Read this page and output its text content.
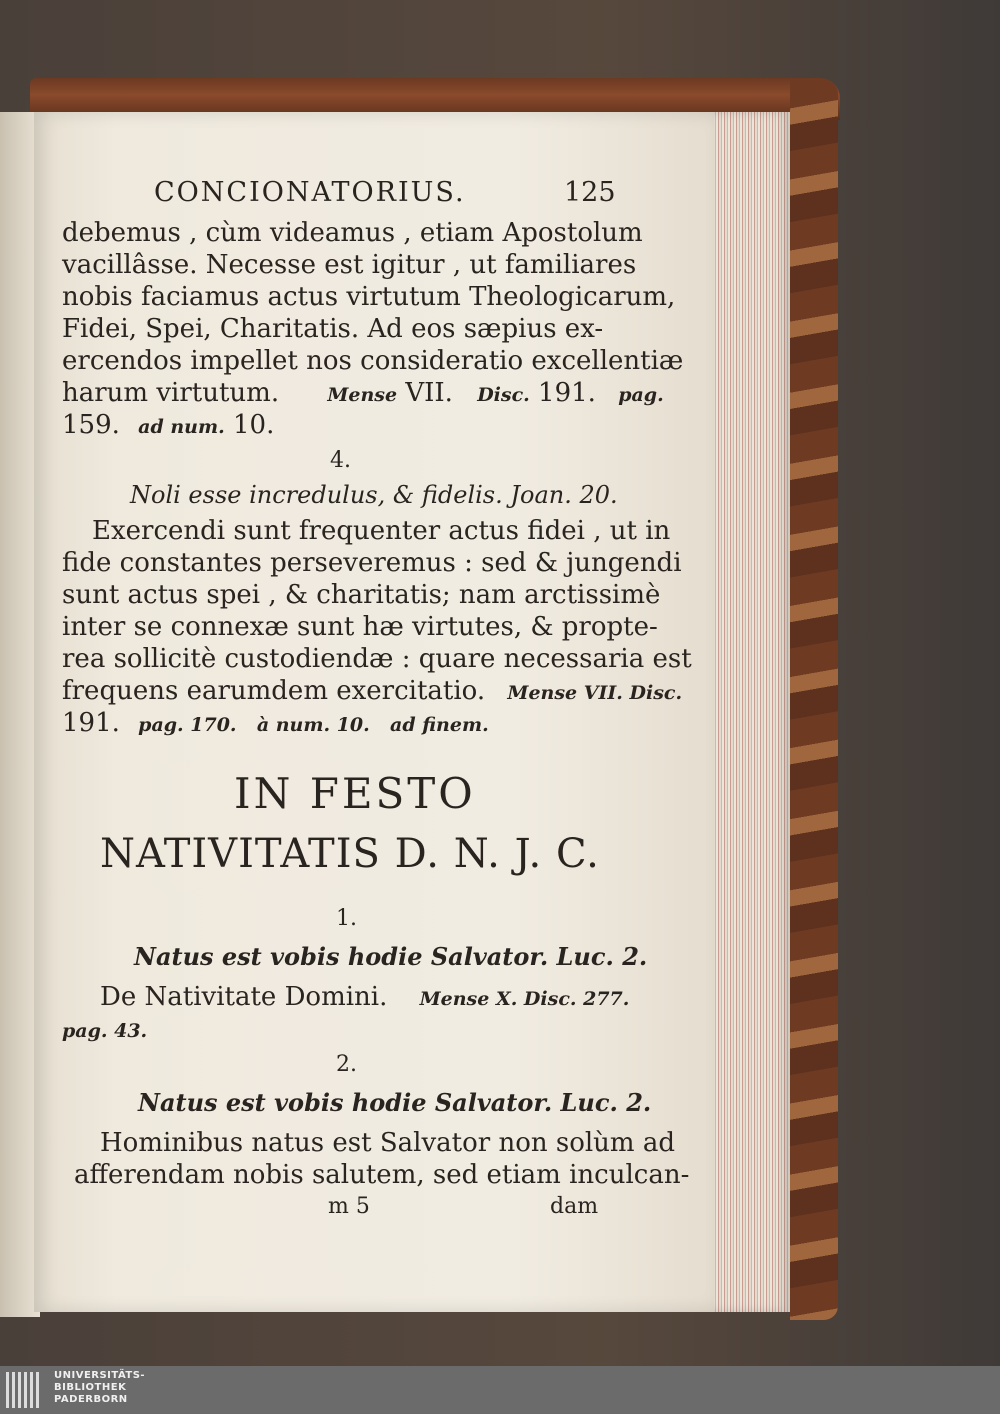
CONCIONATORIUS.	125
debemus , cùm videamus , etiam Apostolum
vacillâsse. Necesse est igitur , ut familiares
nobis faciamus actus virtutum Theologicarum,
Fidei, Spei, Charitatis. Ad eos sæpius ex-
ercendos impellet nos consideratio excellentiæ
harum virtutum.	Mense VII. Disc. 191. pag.
159. ad num. 10.
4.
Noli esse incredulus, & fidelis. Joan. 20.
Exercendi sunt frequenter actus fidei , ut in
fide constantes perseveremus : sed & jungendi
sunt actus spei , & charitatis; nam arctissimè
inter se connexæ sunt hæ virtutes, & propte-
rea sollicitè custodiendæ : quare necessaria est
frequens earumdem exercitatio. Mense VII. Disc.
191. pag. 170. à num. 10. ad finem.
IN FESTO
NATIVITATIS D. N. J. C.
1.
Natus est vobis hodie Salvator. Luc. 2.
De Nativitate Domini. Mense X. Disc. 277.
pag. 43.
2.
Natus est vobis hodie Salvator. Luc. 2.
Hominibus natus est Salvator non solùm ad
afferendam nobis salutem, sed etiam inculcan-
m 5	dam
UNIVERSITÄTS-
BIBLIOTHEK
PADERBORN
